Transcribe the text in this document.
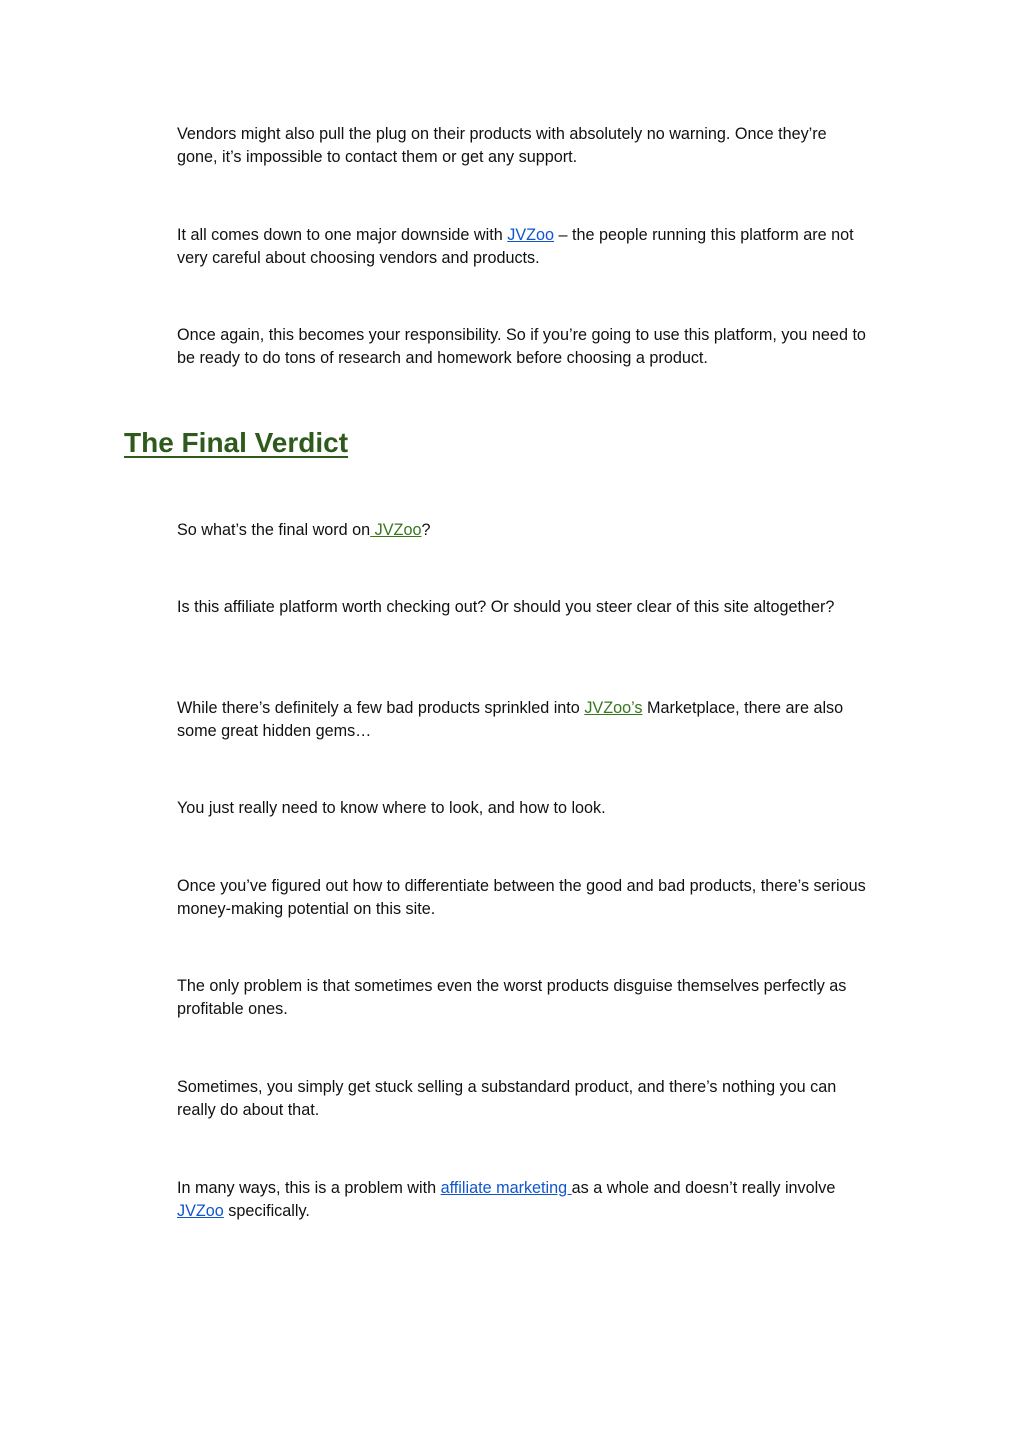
Vendors might also pull the plug on their products with absolutely no warning. Once they’re gone, it’s impossible to contact them or get any support.

It all comes down to one major downside with JVZoo – the people running this platform are not very careful about choosing vendors and products.

Once again, this becomes your responsibility. So if you’re going to use this platform, you need to be ready to do tons of research and homework before choosing a product.

The Final Verdict

So what’s the final word on JVZoo?

Is this affiliate platform worth checking out? Or should you steer clear of this site altogether?

While there’s definitely a few bad products sprinkled into JVZoo’s Marketplace, there are also some great hidden gems…

You just really need to know where to look, and how to look.

Once you’ve figured out how to differentiate between the good and bad products, there’s serious money-making potential on this site.

The only problem is that sometimes even the worst products disguise themselves perfectly as profitable ones.

Sometimes, you simply get stuck selling a substandard product, and there’s nothing you can really do about that.

In many ways, this is a problem with affiliate marketing as a whole and doesn’t really involve JVZoo specifically.
